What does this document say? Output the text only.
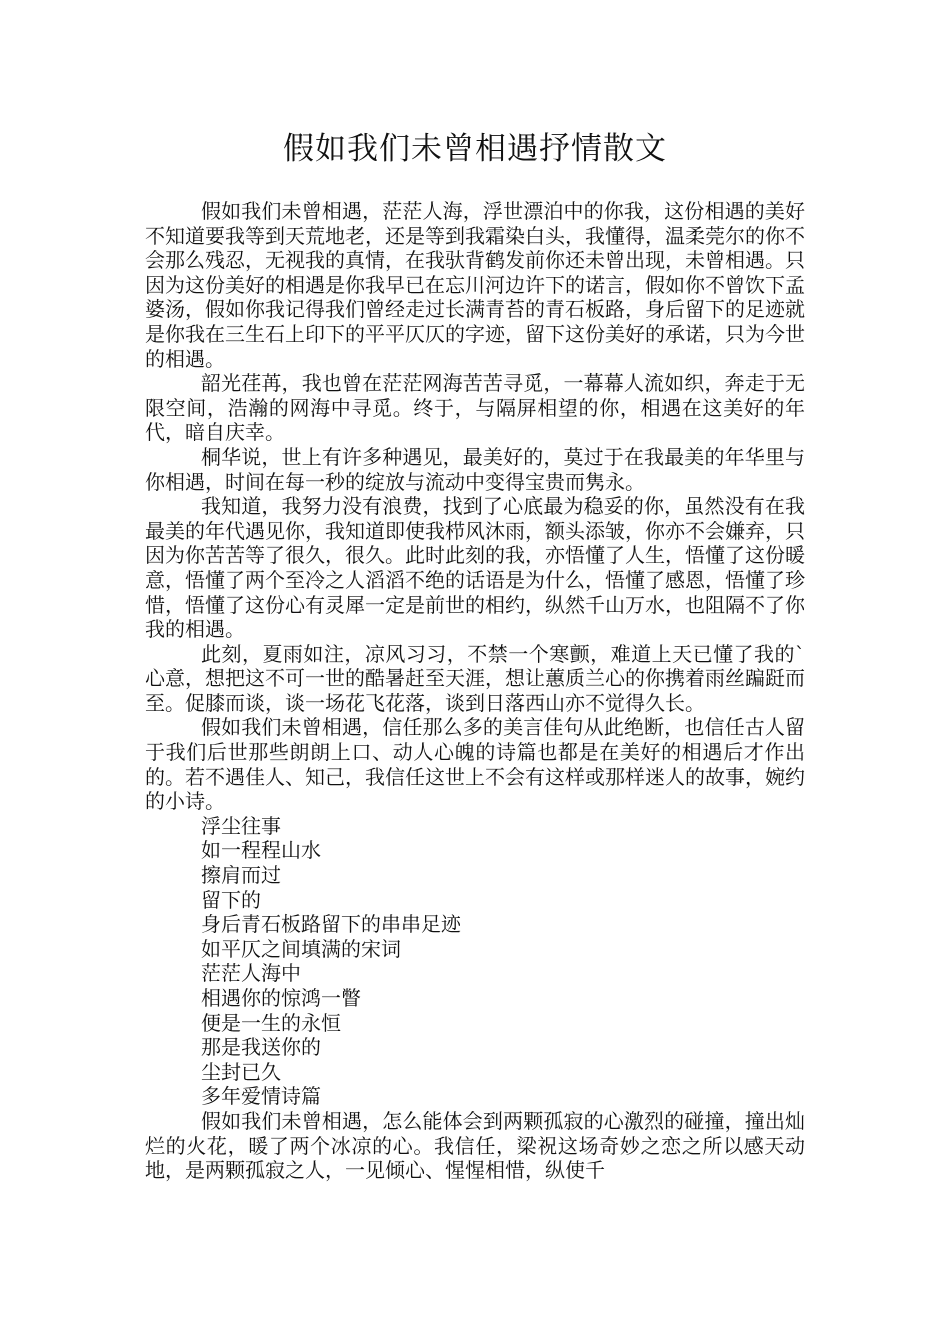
假如我们未曾相遇抒情散文

假如我们未曾相遇，茫茫人海，浮世漂泊中的你我，这份相遇的美好不知道要我等到天荒地老，还是等到我霜染白头，我懂得，温柔莞尔的你不会那么残忍，无视我的真情，在我驮背鹤发前你还未曾出现，未曾相遇。只因为这份美好的相遇是你我早已在忘川河边许下的诺言，假如你不曾饮下孟婆汤，假如你我记得我们曾经走过长满青苔的青石板路，身后留下的足迹就是你我在三生石上印下的平平仄仄的字迹，留下这份美好的承诺，只为今世的相遇。

韶光荏苒，我也曾在茫茫网海苦苦寻觅，一幕幕人流如织，奔走于无限空间，浩瀚的网海中寻觅。终于，与隔屏相望的你，相遇在这美好的年代，暗自庆幸。

桐华说，世上有许多种遇见，最美好的，莫过于在我最美的年华里与你相遇，时间在每一秒的绽放与流动中变得宝贵而隽永。

我知道，我努力没有浪费，找到了心底最为稳妥的你，虽然没有在我最美的年代遇见你，我知道即使我栉风沐雨，额头添皱，你亦不会嫌弃，只因为你苦苦等了很久，很久。此时此刻的我，亦悟懂了人生，悟懂了这份暖意，悟懂了两个至冷之人滔滔不绝的话语是为什么，悟懂了感恩，悟懂了珍惜，悟懂了这份心有灵犀一定是前世的相约，纵然千山万水，也阻隔不了你我的相遇。

此刻，夏雨如注，凉风习习，不禁一个寒颤，难道上天已懂了我的`心意，想把这不可一世的酷暑赶至天涯，想让蕙质兰心的你携着雨丝蹁跹而至。促膝而谈，谈一场花飞花落，谈到日落西山亦不觉得久长。

假如我们未曾相遇，信任那么多的美言佳句从此绝断，也信任古人留于我们后世那些朗朗上口、动人心魄的诗篇也都是在美好的相遇后才作出的。若不遇佳人、知己，我信任这世上不会有这样或那样迷人的故事，婉约的小诗。

浮尘往事
如一程程山水
擦肩而过
留下的
身后青石板路留下的串串足迹
如平仄之间填满的宋词
茫茫人海中
相遇你的惊鸿一瞥
便是一生的永恒
那是我送你的
尘封已久
多年爱情诗篇

假如我们未曾相遇，怎么能体会到两颗孤寂的心激烈的碰撞，撞出灿烂的火花，暖了两个冰凉的心。我信任，梁祝这场奇妙之恋之所以感天动地，是两颗孤寂之人，一见倾心、惺惺相惜，纵使千
